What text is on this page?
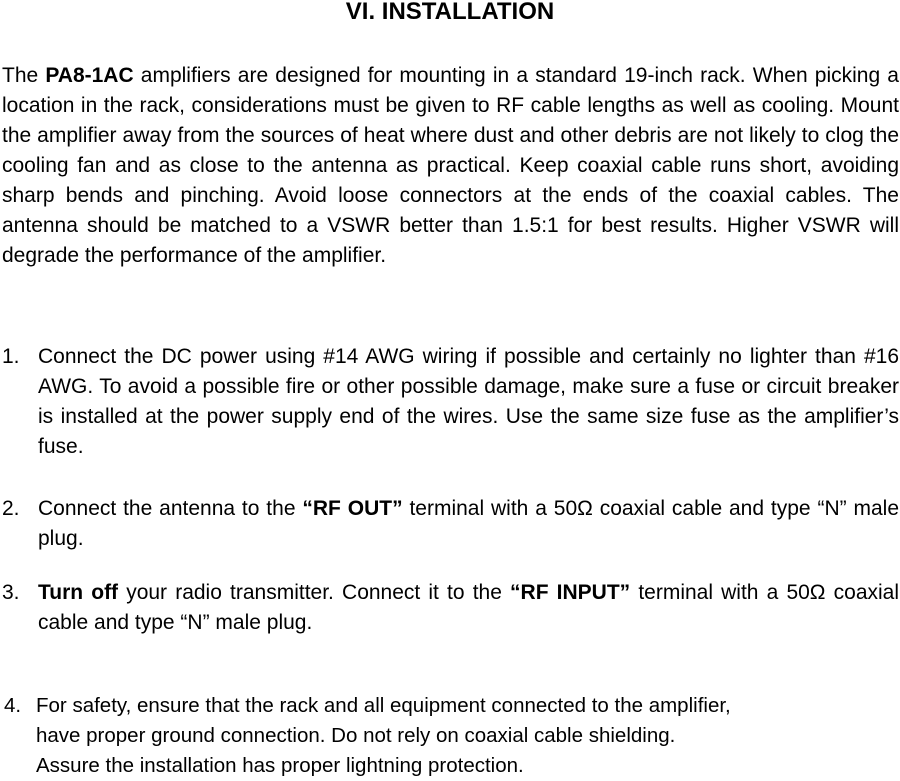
VI. INSTALLATION

The PA8-1AC amplifiers are designed for mounting in a standard 19-inch rack. When picking a location in the rack, considerations must be given to RF cable lengths as well as cooling. Mount the amplifier away from the sources of heat where dust and other debris are not likely to clog the cooling fan and as close to the antenna as practical. Keep coaxial cable runs short, avoiding sharp bends and pinching. Avoid loose connectors at the ends of the coaxial cables. The antenna should be matched to a VSWR better than 1.5:1 for best results. Higher VSWR will degrade the performance of the amplifier.

1. Connect the DC power using #14 AWG wiring if possible and certainly no lighter than #16 AWG. To avoid a possible fire or other possible damage, make sure a fuse or circuit breaker is installed at the power supply end of the wires. Use the same size fuse as the amplifier’s fuse.
2. Connect the antenna to the “RF OUT” terminal with a 50Ω coaxial cable and type “N” male plug.
3. Turn off your radio transmitter. Connect it to the “RF INPUT” terminal with a 50Ω coaxial cable and type “N” male plug.
4. For safety, ensure that the rack and all equipment connected to the amplifier,
have proper ground connection. Do not rely on coaxial cable shielding.
Assure the installation has proper lightning protection.
